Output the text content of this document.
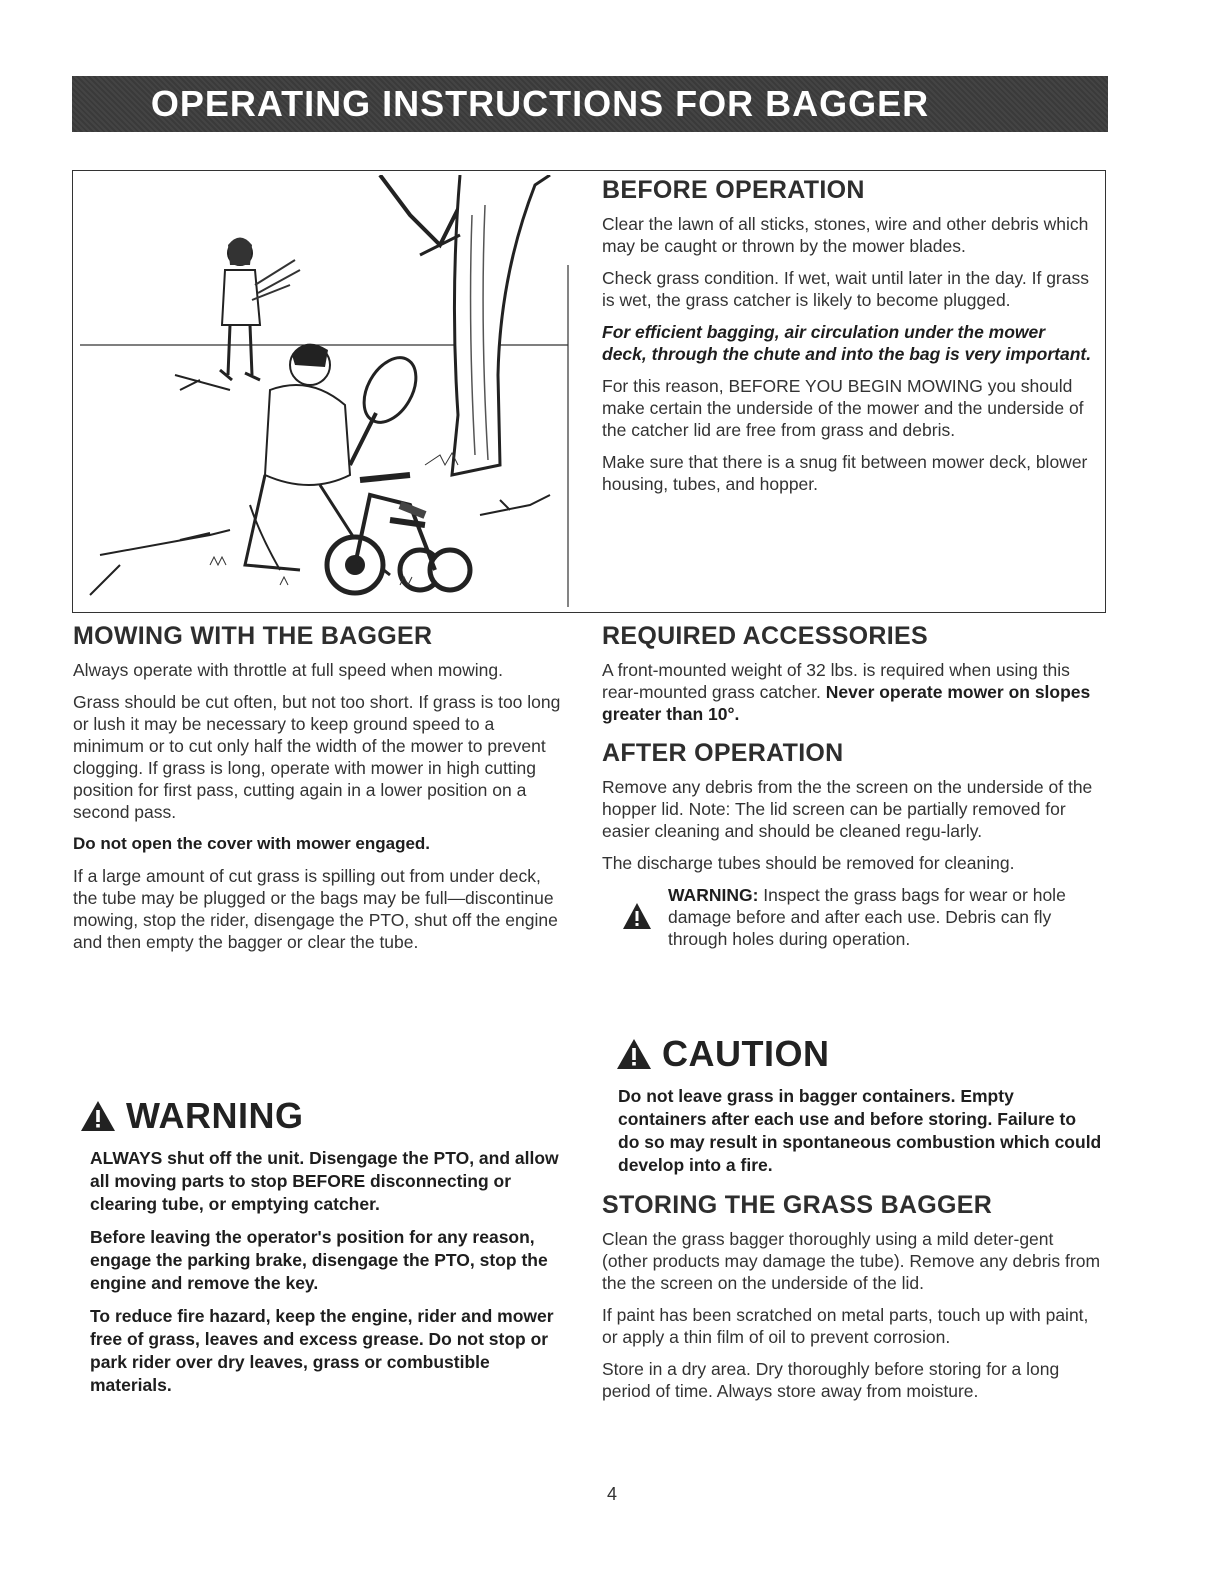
OPERATING INSTRUCTIONS FOR BAGGER
BEFORE OPERATION

Clear the lawn of all sticks, stones, wire and other debris which may be caught or thrown by the mower blades.

Check grass condition. If wet, wait until later in the day. If grass is wet, the grass catcher is likely to become plugged.

For efficient bagging, air circulation under the mower deck, through the chute and into the bag is very important.

For this reason, BEFORE YOU BEGIN MOWING you should make certain the underside of the mower and the underside of the catcher lid are free from grass and debris.

Make sure that there is a snug fit between mower deck, blower housing, tubes, and hopper.

MOWING WITH THE BAGGER

Always operate with throttle at full speed when mowing.

Grass should be cut often, but not too short. If grass is too long or lush it may be necessary to keep ground speed to a minimum or to cut only half the width of the mower to prevent clogging. If grass is long, operate with mower in high cutting position for first pass, cutting again in a lower position on a second pass.

Do not open the cover with mower engaged.

If a large amount of cut grass is spilling out from under deck, the tube may be plugged or the bags may be full—discontinue mowing, stop the rider, disengage the PTO, shut off the engine and then empty the bagger or clear the tube.

REQUIRED ACCESSORIES

A front-mounted weight of 32 lbs. is required when using this rear-mounted grass catcher. Never operate mower on slopes greater than 10°.

AFTER OPERATION

Remove any debris from the the screen on the underside of the hopper lid. Note: The lid screen can be partially removed for easier cleaning and should be cleaned regu-larly.

The discharge tubes should be removed for cleaning.

WARNING: Inspect the grass bags for wear or hole damage before and after each use. Debris can fly through holes during operation.

CAUTION

Do not leave grass in bagger containers. Empty containers after each use and before storing. Failure to do so may result in spontaneous combustion which could develop into a fire.

STORING THE GRASS BAGGER

Clean the grass bagger thoroughly using a mild deter-gent (other products may damage the tube). Remove any debris from the the screen on the underside of the lid.

If paint has been scratched on metal parts, touch up with paint, or apply a thin film of oil to prevent corrosion.

Store in a dry area. Dry thoroughly before storing for a long period of time. Always store away from moisture.

WARNING

ALWAYS shut off the unit. Disengage the PTO, and allow all moving parts to stop BEFORE disconnecting or clearing tube, or emptying catcher.

Before leaving the operator's position for any reason, engage the parking brake, disengage the PTO, stop the engine and remove the key.

To reduce fire hazard, keep the engine, rider and mower free of grass, leaves and excess grease. Do not stop or park rider over dry leaves, grass or combustible materials.

4
